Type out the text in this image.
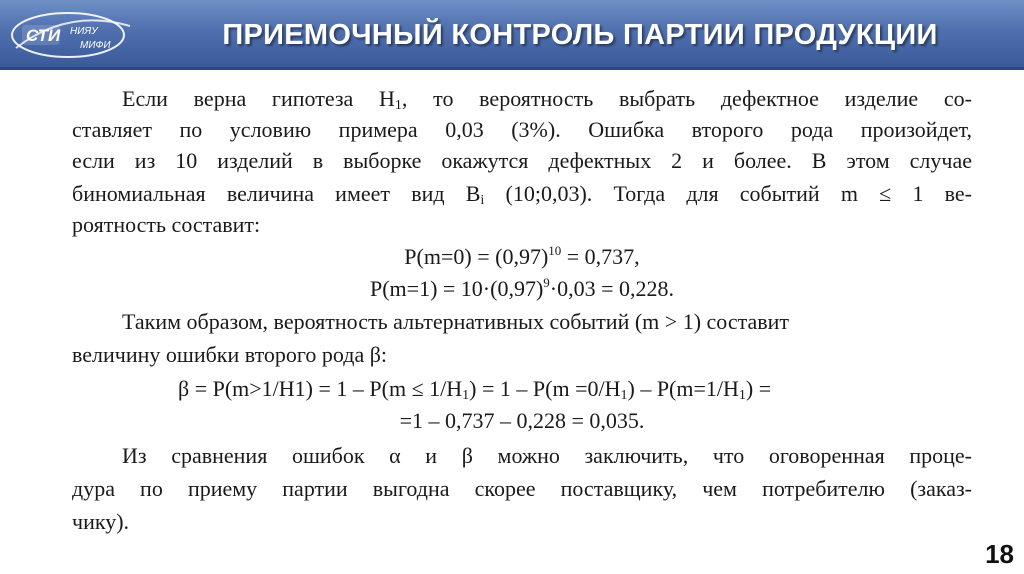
СТИ НИЯУ
МИФИ	ПРИЕМОЧНЫЙ КОНТРОЛЬ ПАРТИИ ПРОДУКЦИИ
Если верна гипотеза $H_1$, то вероятность выбрать дефектное изделие со-
ставляет по условию примера 0,03 (3%). Ошибка второго рода произойдет,
если из 10 изделий в выборке окажутся дефектных 2 и более. В этом случае
биномиальная величина имеет вид $B_i$ (10;0,03). Тогда для событий m ≤ 1 ве-
роятность составит:
$P(m=0) = (0,97)^{10} = 0,737$,
$P(m=1) = 10\cdot(0,97)^9\cdot 0,03 = 0,228$.
Таким образом, вероятность альтернативных событий (m > 1) составит
величину ошибки второго рода β:
$\beta = P(m>1/H1) = 1 - P(m \le 1/H_1) = 1 - P(m =0/H_1) - P(m=1/H_1)$ =
=1 – 0,737 – 0,228 = 0,035.
Из сравнения ошибок α и β можно заключить, что оговоренная проце-
дура по приему партии выгодна скорее поставщику, чем потребителю (заказ-
чику).
18
